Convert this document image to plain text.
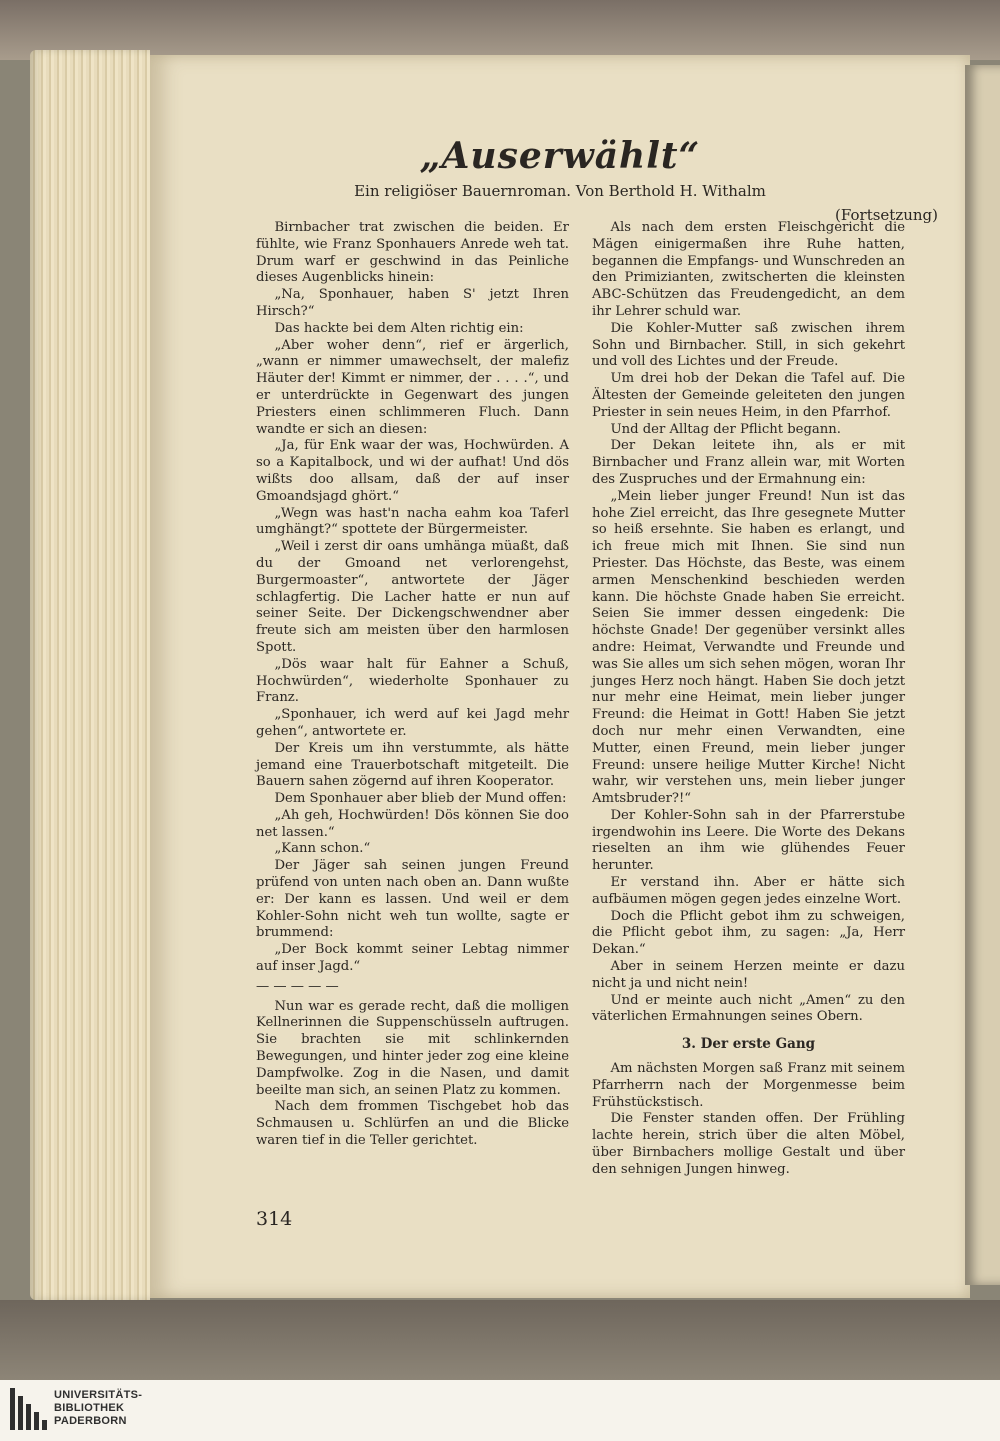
„Auserwählt“
Ein religiöser Bauernroman. Von Berthold H. Withalm
(Fortsetzung)

Birnbacher trat zwischen die beiden. Er fühlte, wie Franz Sponhauers Anrede weh tat. Drum warf er geschwind in das Peinliche dieses Augenblicks hinein:

„Na, Sponhauer, haben S' jetzt Ihren Hirsch?“

Das hackte bei dem Alten richtig ein:

„Aber woher denn“, rief er ärgerlich, „wann er nimmer umawechselt, der malefiz Häuter der! Kimmt er nimmer, der . . . .“, und er unterdrückte in Gegenwart des jungen Priesters einen schlimmeren Fluch. Dann wandte er sich an diesen:

„Ja, für Enk waar der was, Hochwürden. A so a Kapitalbock, und wi der aufhat! Und dös wißts doo allsam, daß der auf inser Gmoandsjagd ghört.“

„Wegn was hast'n nacha eahm koa Taferl umghängt?“ spottete der Bürgermeister.

„Weil i zerst dir oans umhänga müaßt, daß du der Gmoand net verlorengehst, Burgermoaster“, antwortete der Jäger schlagfertig. Die Lacher hatte er nun auf seiner Seite. Der Dickengschwendner aber freute sich am meisten über den harmlosen Spott.

„Dös waar halt für Eahner a Schuß, Hochwürden“, wiederholte Sponhauer zu Franz.

„Sponhauer, ich werd auf kei Jagd mehr gehen“, antwortete er.

Der Kreis um ihn verstummte, als hätte jemand eine Trauerbotschaft mitgeteilt. Die Bauern sahen zögernd auf ihren Kooperator.

Dem Sponhauer aber blieb der Mund offen:

„Ah geh, Hochwürden! Dös können Sie doo net lassen.“

„Kann schon.“

Der Jäger sah seinen jungen Freund prüfend von unten nach oben an. Dann wußte er: Der kann es lassen. Und weil er dem Kohler-Sohn nicht weh tun wollte, sagte er brummend:

„Der Bock kommt seiner Lebtag nimmer auf inser Jagd.“

— — — — —

Nun war es gerade recht, daß die molligen Kellnerinnen die Suppenschüsseln auftrugen. Sie brachten sie mit schlinkernden Bewegungen, und hinter jeder zog eine kleine Dampfwolke. Zog in die Nasen, und damit beeilte man sich, an seinen Platz zu kommen.

Nach dem frommen Tischgebet hob das Schmausen u. Schlürfen an und die Blicke waren tief in die Teller gerichtet.

Als nach dem ersten Fleischgericht die Mägen einigermaßen ihre Ruhe hatten, begannen die Empfangs- und Wunschreden an den Primizianten, zwitscherten die kleinsten ABC-Schützen das Freudengedicht, an dem ihr Lehrer schuld war.

Die Kohler-Mutter saß zwischen ihrem Sohn und Birnbacher. Still, in sich gekehrt und voll des Lichtes und der Freude.

Um drei hob der Dekan die Tafel auf. Die Ältesten der Gemeinde geleiteten den jungen Priester in sein neues Heim, in den Pfarrhof.

Und der Alltag der Pflicht begann.

Der Dekan leitete ihn, als er mit Birnbacher und Franz allein war, mit Worten des Zuspruches und der Ermahnung ein:

„Mein lieber junger Freund! Nun ist das hohe Ziel erreicht, das Ihre gesegnete Mutter so heiß ersehnte. Sie haben es erlangt, und ich freue mich mit Ihnen. Sie sind nun Priester. Das Höchste, das Beste, was einem armen Menschenkind beschieden werden kann. Die höchste Gnade haben Sie erreicht. Seien Sie immer dessen eingedenk: Die höchste Gnade! Der gegenüber versinkt alles andre: Heimat, Verwandte und Freunde und was Sie alles um sich sehen mögen, woran Ihr junges Herz noch hängt. Haben Sie doch jetzt nur mehr eine Heimat, mein lieber junger Freund: die Heimat in Gott! Haben Sie jetzt doch nur mehr einen Verwandten, eine Mutter, einen Freund, mein lieber junger Freund: unsere heilige Mutter Kirche! Nicht wahr, wir verstehen uns, mein lieber junger Amtsbruder?!“

Der Kohler-Sohn sah in der Pfarrerstube irgendwohin ins Leere. Die Worte des Dekans rieselten an ihm wie glühendes Feuer herunter.

Er verstand ihn. Aber er hätte sich aufbäumen mögen gegen jedes einzelne Wort.

Doch die Pflicht gebot ihm zu schweigen, die Pflicht gebot ihm, zu sagen: „Ja, Herr Dekan.“

Aber in seinem Herzen meinte er dazu nicht ja und nicht nein!

Und er meinte auch nicht „Amen“ zu den väterlichen Ermahnungen seines Obern.

3. Der erste Gang

Am nächsten Morgen saß Franz mit seinem Pfarrherrn nach der Morgenmesse beim Frühstückstisch.

Die Fenster standen offen. Der Frühling lachte herein, strich über die alten Möbel, über Birnbachers mollige Gestalt und über den sehnigen Jungen hinweg.

314
UNIVERSITÄTS-
BIBLIOTHEK
PADERBORN
